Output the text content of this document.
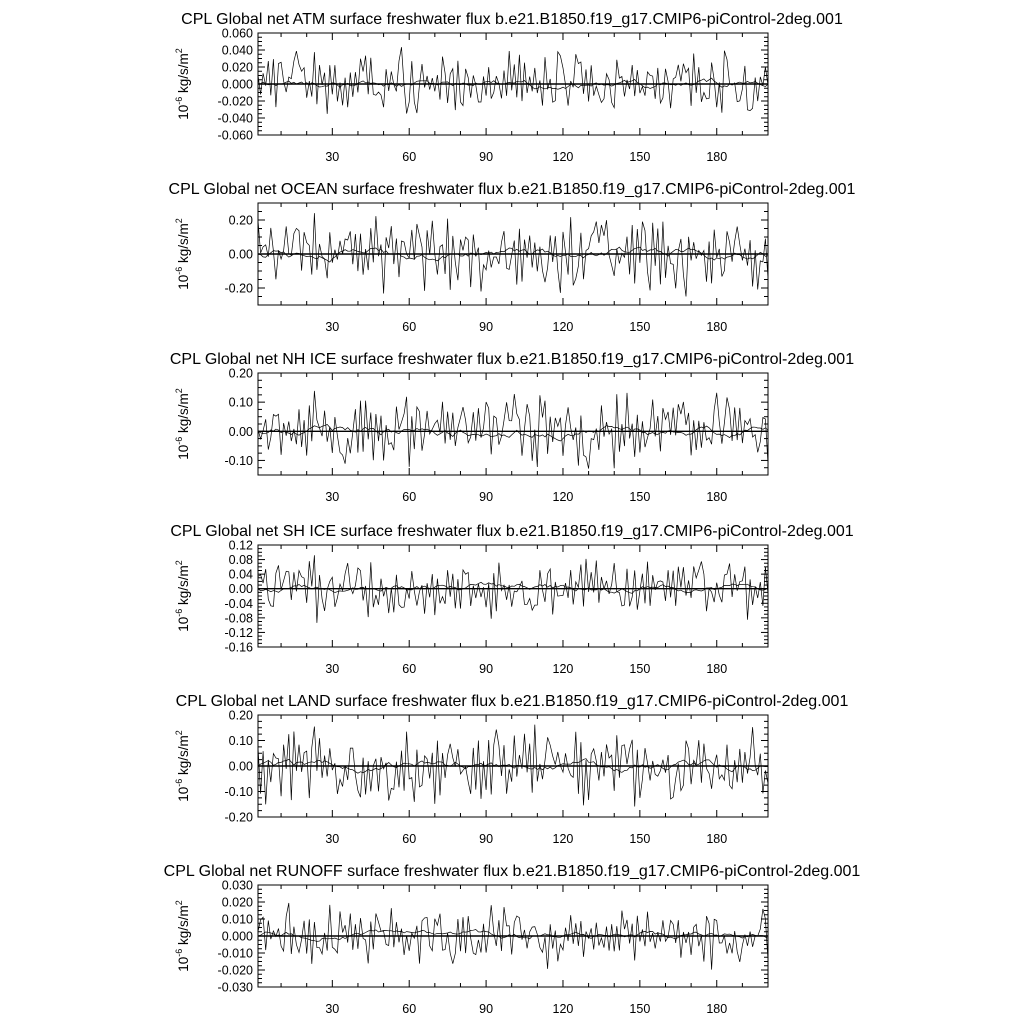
CPL Global net ATM surface freshwater flux b.e21.B1850.f19_g17.CMIP6-piControl-2deg.001
$10^{-6}$ $kg/s/m^2$
30	60	90	120	150	180
-0.060
-0.040
-0.020
0.000
0.020
0.040
0.060
CPL Global net OCEAN surface freshwater flux b.e21.B1850.f19_g17.CMIP6-piControl-2deg.001
$10^{-6}$ $kg/s/m^2$
30	60	90	120	150	180
-0.20
0.00
0.20
CPL Global net NH ICE surface freshwater flux b.e21.B1850.f19_g17.CMIP6-piControl-2deg.001
$10^{-6}$ $kg/s/m^2$
30	60	90	120	150	180
-0.10
0.00
0.10
0.20
CPL Global net SH ICE surface freshwater flux b.e21.B1850.f19_g17.CMIP6-piControl-2deg.001
$10^{-6}$ $kg/s/m^2$
30	60	90	120	150	180
-0.16
-0.12
-0.08
-0.04
0.00
0.04
0.08
0.12
CPL Global net LAND surface freshwater flux b.e21.B1850.f19_g17.CMIP6-piControl-2deg.001
$10^{-6}$ $kg/s/m^2$
30	60	90	120	150	180
-0.20
-0.10
0.00
0.10
0.20
CPL Global net RUNOFF surface freshwater flux b.e21.B1850.f19_g17.CMIP6-piControl-2deg.001
$10^{-6}$ $kg/s/m^2$
30	60	90	120	150	180
-0.030
-0.020
-0.010
0.000
0.010
0.020
0.030
